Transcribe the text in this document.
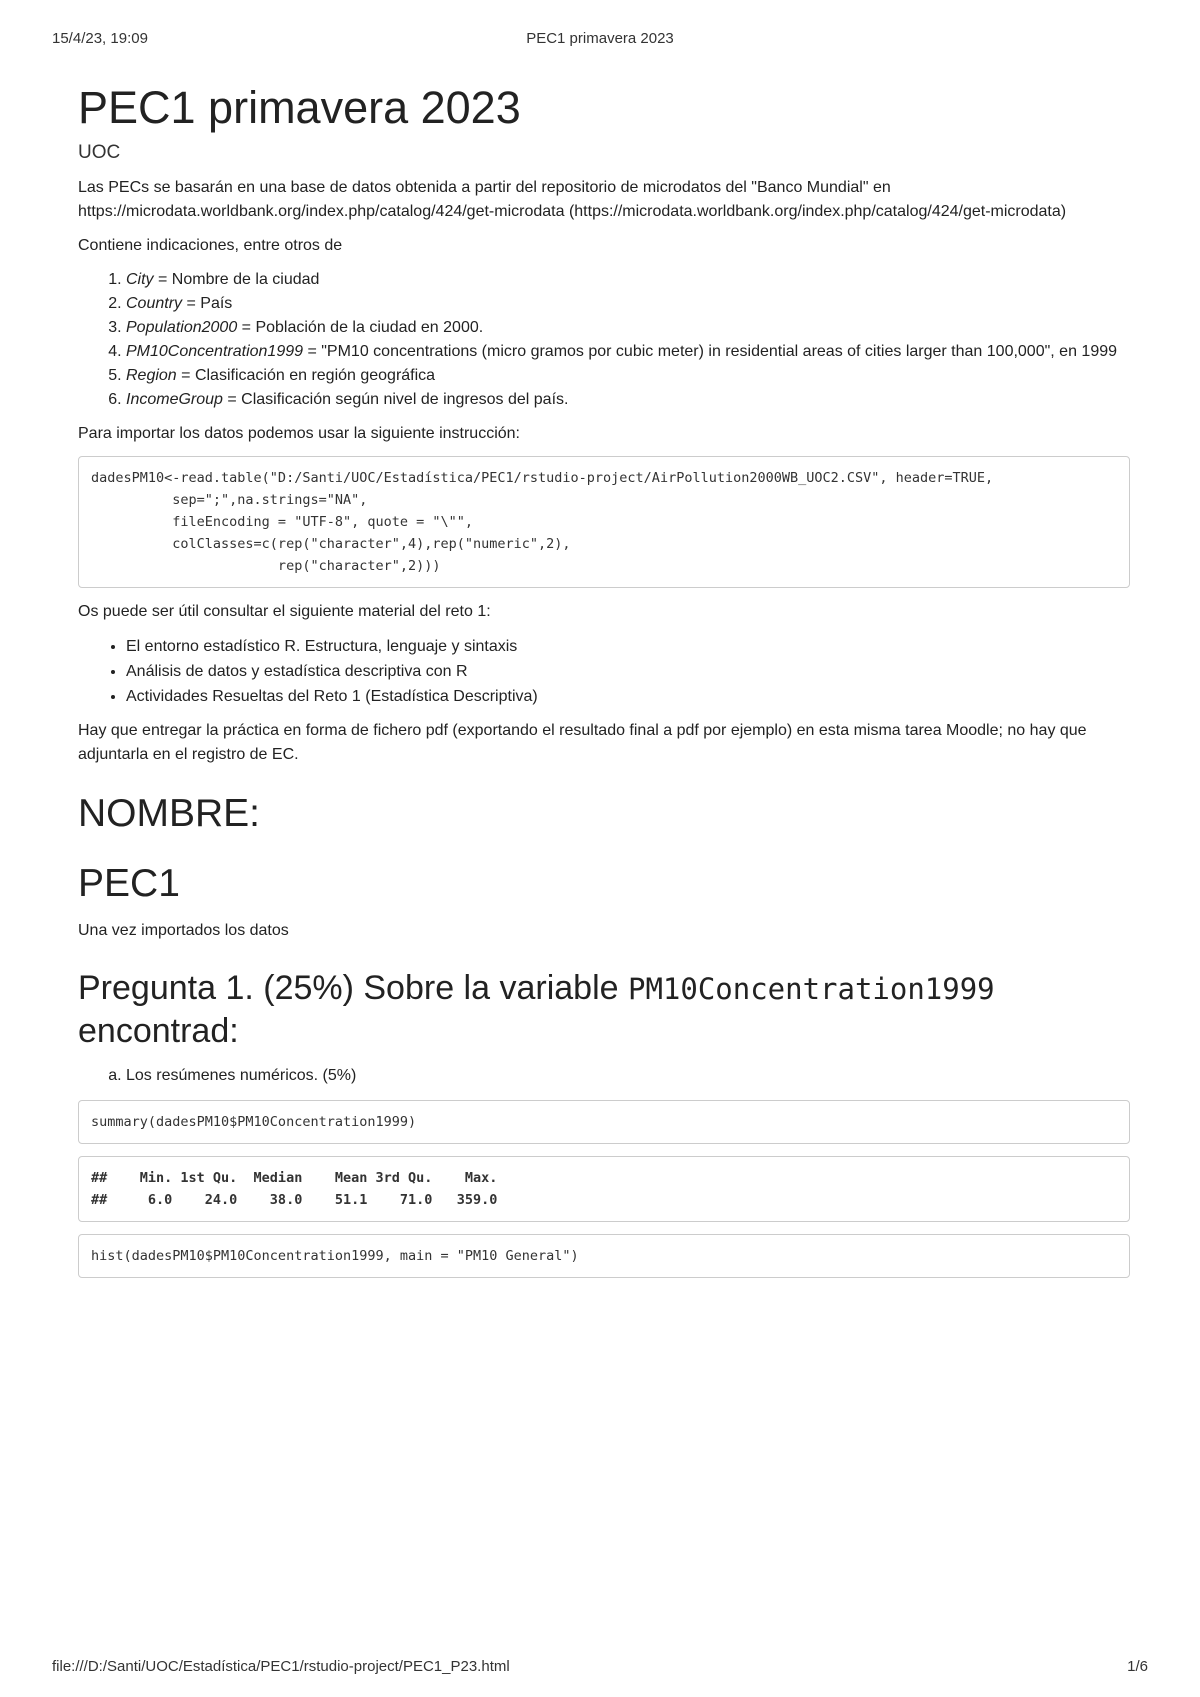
15/4/23, 19:09	PEC1 primavera 2023
PEC1 primavera 2023
UOC

Las PECs se basarán en una base de datos obtenida a partir del repositorio de microdatos del "Banco Mundial" en https://microdata.worldbank.org/index.php/catalog/424/get-microdata (https://microdata.worldbank.org/index.php/catalog/424/get-microdata)

Contiene indicaciones, entre otros de

1. City = Nombre de la ciudad
2. Country = País
3. Population2000 = Población de la ciudad en 2000.
4. PM10Concentration1999 = "PM10 concentrations (micro gramos por cubic meter) in residential areas of cities larger than 100,000", en 1999
5. Region = Clasificación en región geográfica
6. IncomeGroup = Clasificación según nivel de ingresos del país.

Para importar los datos podemos usar la siguiente instrucción:

dadesPM10<-read.table("D:/Santi/UOC/Estadística/PEC1/rstudio-project/AirPollution2000WB_UOC2.CSV", header=TRUE,
sep=";",na.strings="NA",
fileEncoding = "UTF-8", quote = "\"",
colClasses=c(rep("character",4),rep("numeric",2),
rep("character",2)))

Os puede ser útil consultar el siguiente material del reto 1:

• El entorno estadístico R. Estructura, lenguaje y sintaxis
• Análisis de datos y estadística descriptiva con R
• Actividades Resueltas del Reto 1 (Estadística Descriptiva)

Hay que entregar la práctica en forma de fichero pdf (exportando el resultado final a pdf por ejemplo) en esta misma tarea Moodle; no hay que adjuntarla en el registro de EC.

NOMBRE:
PEC1

Una vez importados los datos

Pregunta 1. (25%) Sobre la variable PM10Concentration1999 encontrad:
a. Los resúmenes numéricos. (5%)
summary(dadesPM10$PM10Concentration1999)
##    Min. 1st Qu.  Median    Mean 3rd Qu.    Max.
##     6.0    24.0    38.0    51.1    71.0   359.0
hist(dadesPM10$PM10Concentration1999, main = "PM10 General")
file:///D:/Santi/UOC/Estadística/PEC1/rstudio-project/PEC1_P23.html	1/6
